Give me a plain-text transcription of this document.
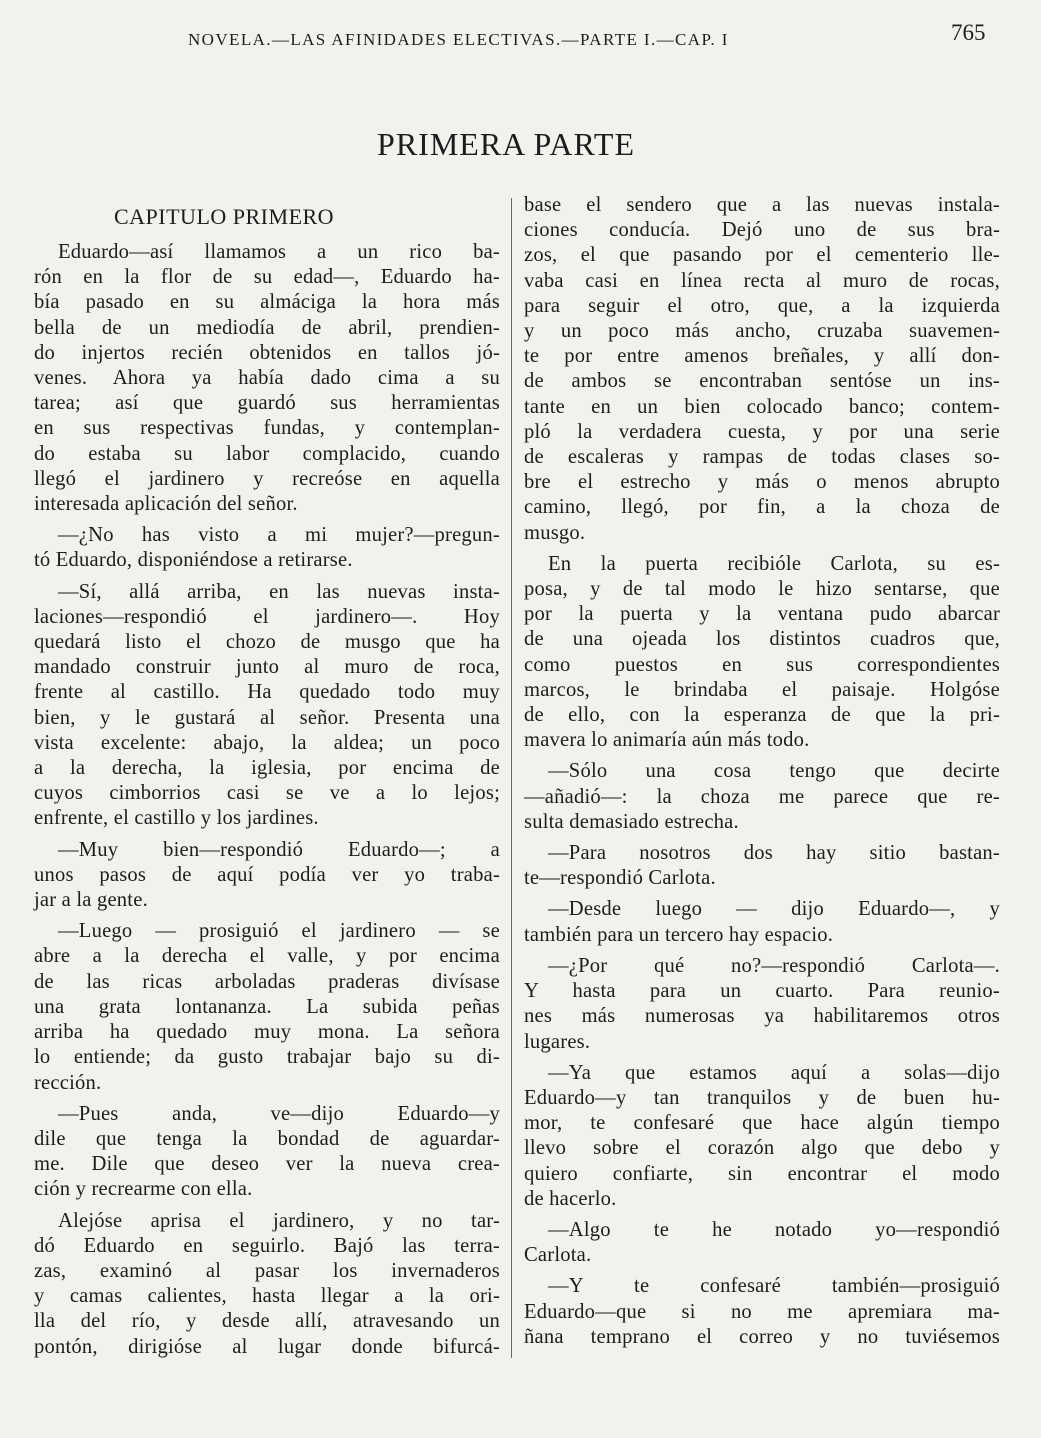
NOVELA.—LAS AFINIDADES ELECTIVAS.—PARTE I.—CAP. I	765
PRIMERA PARTE
CAPITULO PRIMERO
Eduardo—así llamamos a un rico ba-
rón en la flor de su edad—, Eduardo ha-
bía pasado en su almáciga la hora más
bella de un mediodía de abril, prendien-
do injertos recién obtenidos en tallos jó-
venes. Ahora ya había dado cima a su
tarea; así que guardó sus herramientas
en sus respectivas fundas, y contemplan-
do estaba su labor complacido, cuando
llegó el jardinero y recreóse en aquella
interesada aplicación del señor.
—¿No has visto a mi mujer?—pregun-
tó Eduardo, disponiéndose a retirarse.
—Sí, allá arriba, en las nuevas insta-
laciones—respondió el jardinero—. Hoy
quedará listo el chozo de musgo que ha
mandado construir junto al muro de roca,
frente al castillo. Ha quedado todo muy
bien, y le gustará al señor. Presenta una
vista excelente: abajo, la aldea; un poco
a la derecha, la iglesia, por encima de
cuyos cimborrios casi se ve a lo lejos;
enfrente, el castillo y los jardines.
—Muy bien—respondió Eduardo—; a
unos pasos de aquí podía ver yo traba-
jar a la gente.
—Luego — prosiguió el jardinero — se
abre a la derecha el valle, y por encima
de las ricas arboladas praderas divísase
una grata lontananza. La subida peñas
arriba ha quedado muy mona. La señora
lo entiende; da gusto trabajar bajo su di-
rección.
—Pues anda, ve—dijo Eduardo—y
dile que tenga la bondad de aguardar-
me. Dile que deseo ver la nueva crea-
ción y recrearme con ella.
Alejóse aprisa el jardinero, y no tar-
dó Eduardo en seguirlo. Bajó las terra-
zas, examinó al pasar los invernaderos
y camas calientes, hasta llegar a la ori-
lla del río, y desde allí, atravesando un
pontón, dirigióse al lugar donde bifurcá-
base el sendero que a las nuevas instala-
ciones conducía. Dejó uno de sus bra-
zos, el que pasando por el cementerio lle-
vaba casi en línea recta al muro de rocas,
para seguir el otro, que, a la izquierda
y un poco más ancho, cruzaba suavemen-
te por entre amenos breñales, y allí don-
de ambos se encontraban sentóse un ins-
tante en un bien colocado banco; contem-
pló la verdadera cuesta, y por una serie
de escaleras y rampas de todas clases so-
bre el estrecho y más o menos abrupto
camino, llegó, por fin, a la choza de
musgo.
En la puerta recibióle Carlota, su es-
posa, y de tal modo le hizo sentarse, que
por la puerta y la ventana pudo abarcar
de una ojeada los distintos cuadros que,
como puestos en sus correspondientes
marcos, le brindaba el paisaje. Holgóse
de ello, con la esperanza de que la pri-
mavera lo animaría aún más todo.
—Sólo una cosa tengo que decirte
—añadió—: la choza me parece que re-
sulta demasiado estrecha.
—Para nosotros dos hay sitio bastan-
te—respondió Carlota.
—Desde luego — dijo Eduardo—, y
también para un tercero hay espacio.
—¿Por qué no?—respondió Carlota—.
Y hasta para un cuarto. Para reunio-
nes más numerosas ya habilitaremos otros
lugares.
—Ya que estamos aquí a solas—dijo
Eduardo—y tan tranquilos y de buen hu-
mor, te confesaré que hace algún tiempo
llevo sobre el corazón algo que debo y
quiero confiarte, sin encontrar el modo
de hacerlo.
—Algo te he notado yo—respondió
Carlota.
—Y te confesaré también—prosiguió
Eduardo—que si no me apremiara ma-
ñana temprano el correo y no tuviésemos
